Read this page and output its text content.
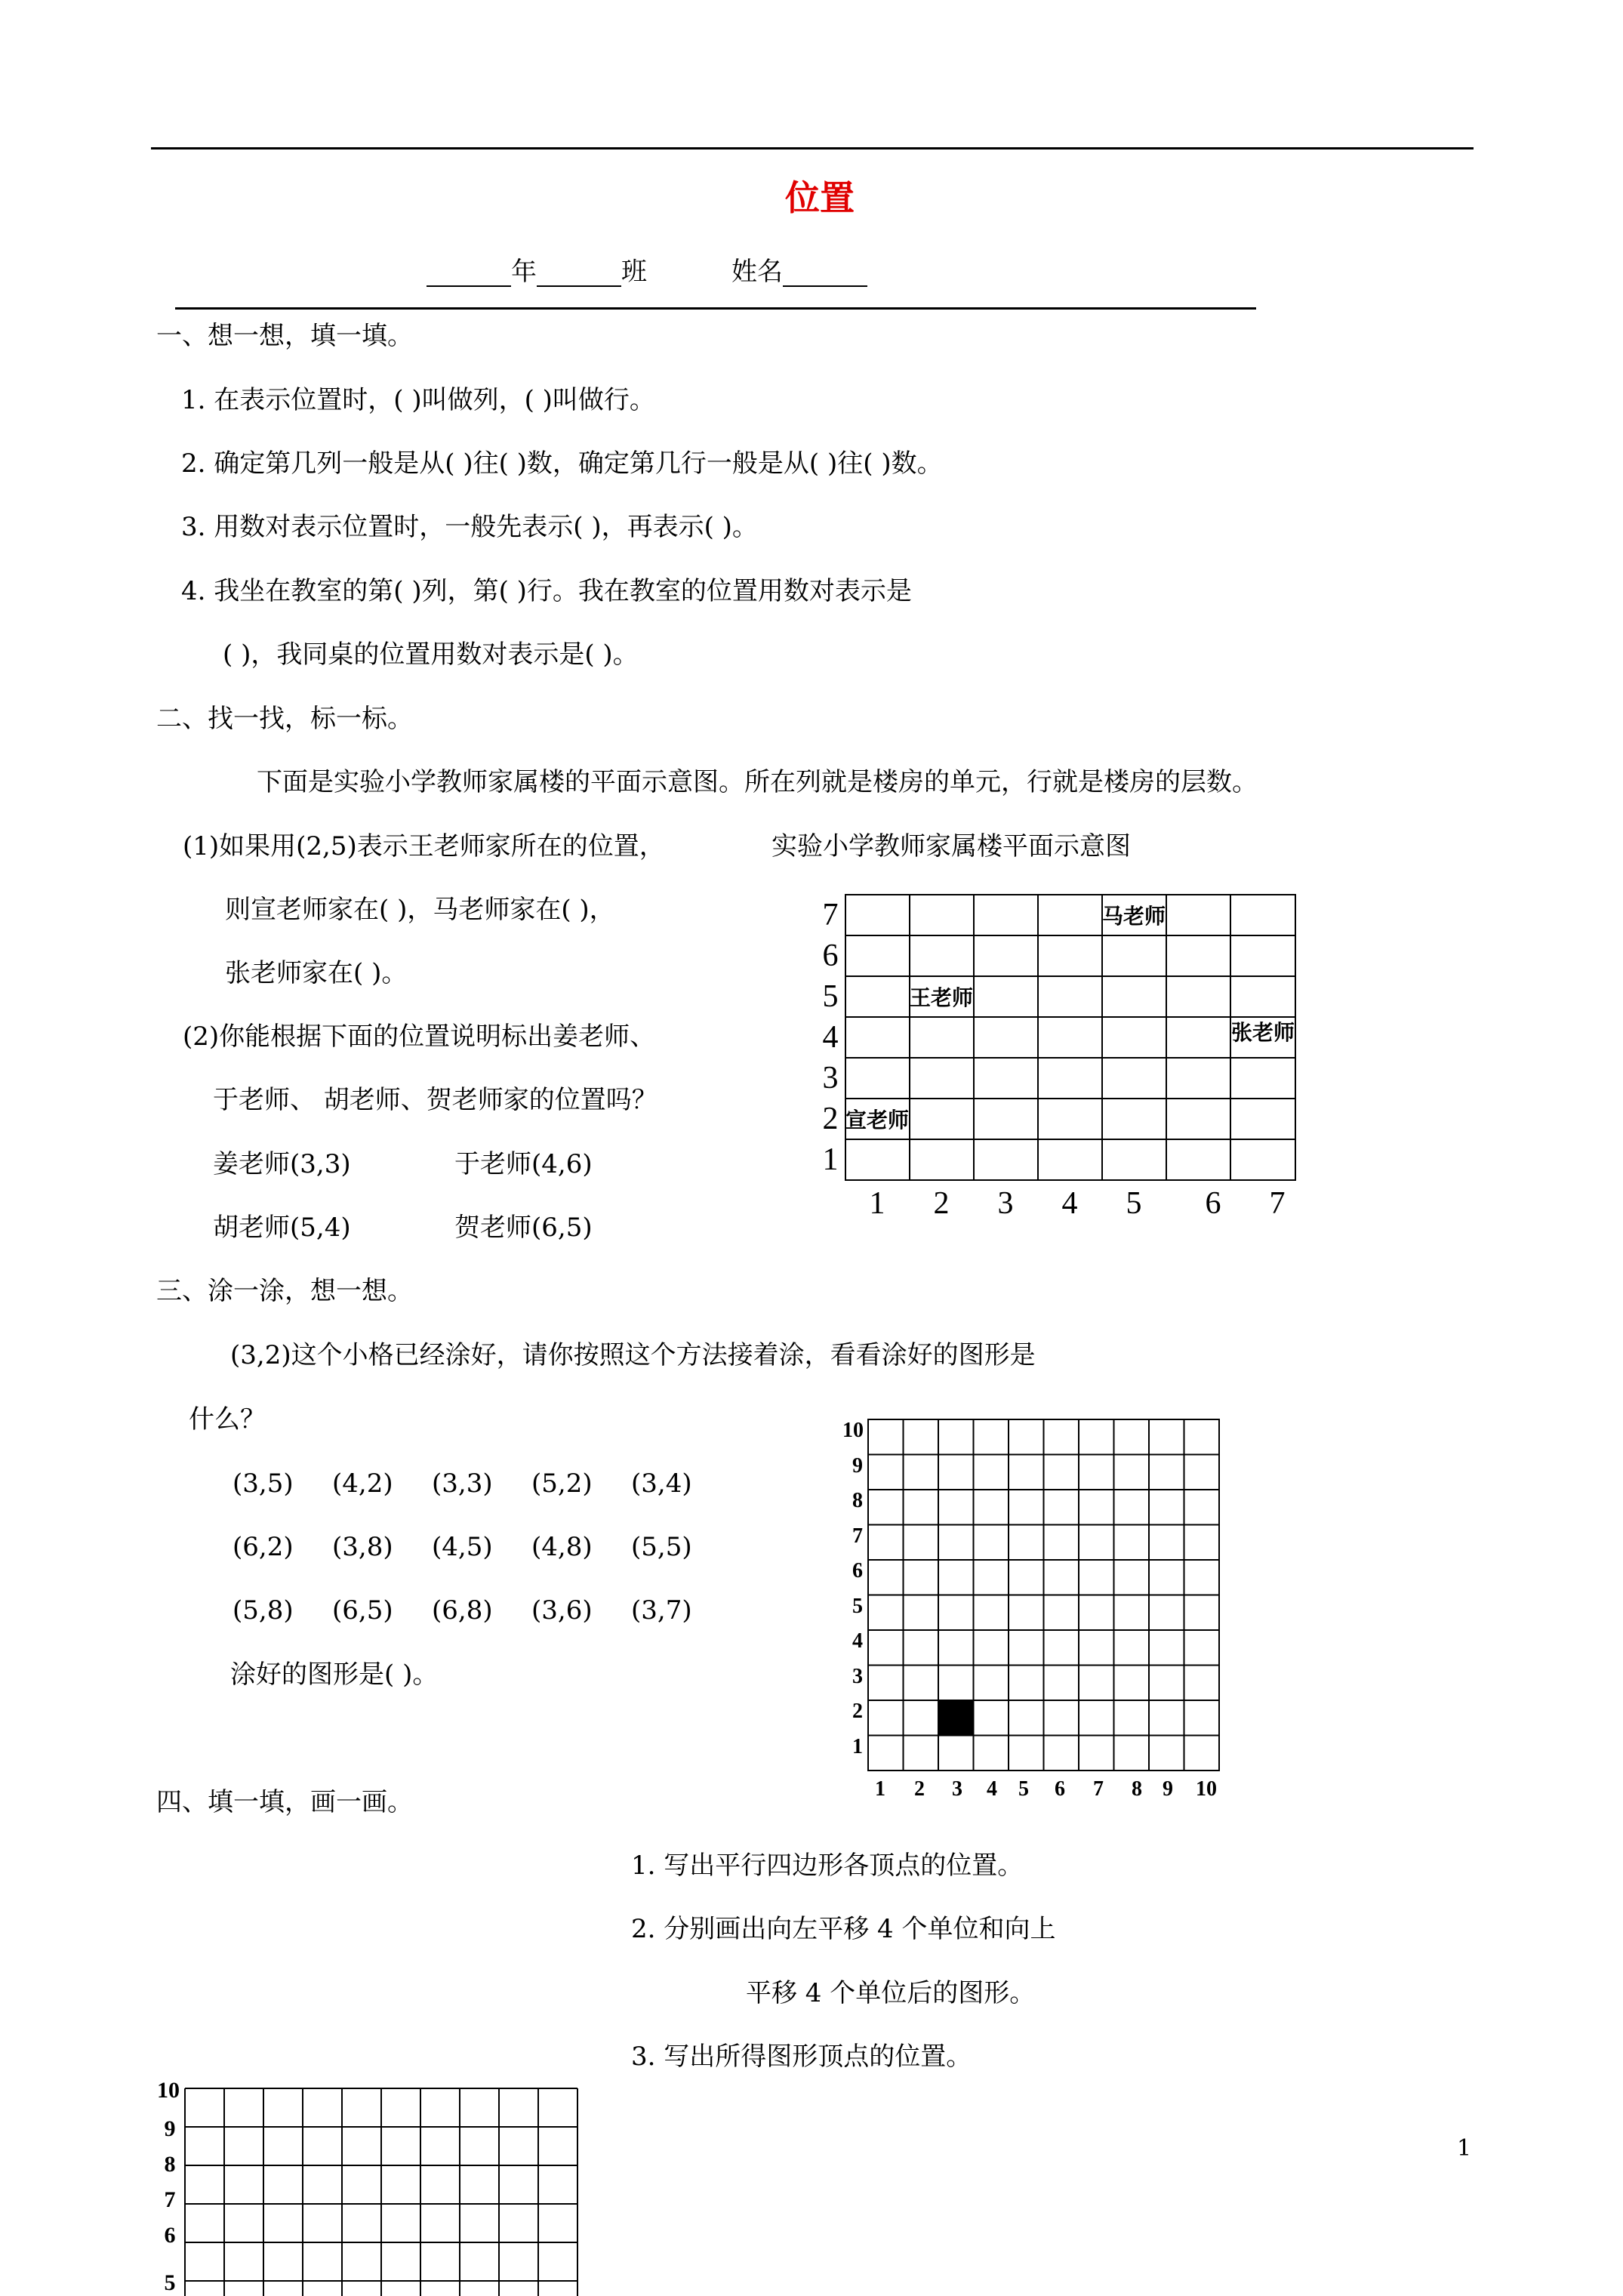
位置
年	班	姓名
一、想一想，填一填。
1. 在表示位置时，( )叫做列，( )叫做行。
2. 确定第几列一般是从( )往( )数，确定第几行一般是从( )往( )数。
3. 用数对表示位置时，一般先表示( )，再表示( )。
4. 我坐在教室的第( )列，第( )行。我在教室的位置用数对表示是
( )，我同桌的位置用数对表示是( )。
二、找一找，标一标。
下面是实验小学教师家属楼的平面示意图。所在列就是楼房的单元，行就是楼房的层数。
(1)如果用(2,5)表示王老师家所在的位置，	实验小学教师家属楼平面示意图
则宣老师家在( )，马老师家在( )，
张老师家在( )。
(2)你能根据下面的位置说明标出姜老师、
于老师、 胡老师、贺老师家的位置吗？
姜老师(3,3)	于老师(4,6)
胡老师(5,4)	贺老师(6,5)
7
6
5
4
3
2
1
1 2 3 4 5 6 7
马老师
王老师
张老师
宣老师
三、涂一涂，想一想。
(3,2)这个小格已经涂好，请你按照这个方法接着涂，看看涂好的图形是
什么？
(3,5) (4,2) (3,3) (5,2) (3,4)
(6,2) (3,8) (4,5) (4,8) (5,5)
(5,8) (6,5) (6,8) (3,6) (3,7)
涂好的图形是( )。
10
9
8
7
6
5
4
3
2
1
1 2 3 4 5 6 7 8 9 10
四、填一填，画一画。
1. 写出平行四边形各顶点的位置。
2. 分别画出向左平移 4 个单位和向上
平移 4 个单位后的图形。
3. 写出所得图形顶点的位置。
10
9
8
7
6
5
1
